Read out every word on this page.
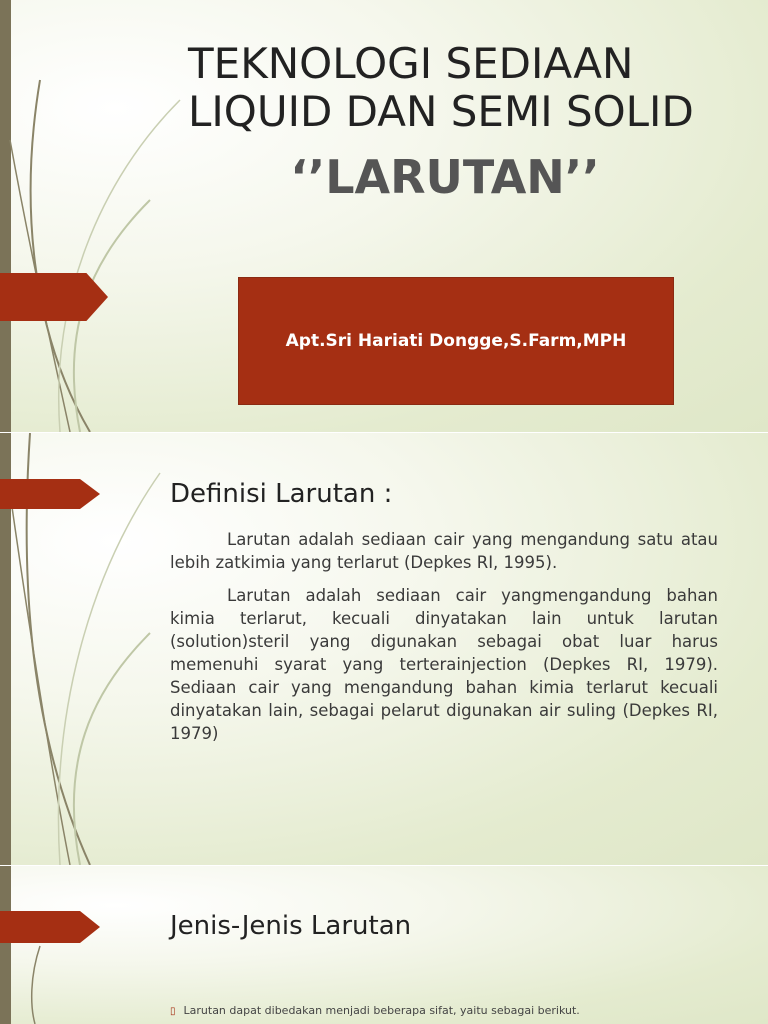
TEKNOLOGI SEDIAAN
LIQUID DAN SEMI SOLID
‘’LARUTAN’’
Apt.Sri Hariati Dongge,S.Farm,MPH
Definisi Larutan :

Larutan adalah sediaan cair yang mengandung satu atau lebih zatkimia yang terlarut (Depkes RI, 1995).

Larutan adalah sediaan cair yangmengandung bahan kimia terlarut, kecuali dinyatakan lain untuk larutan (solution)steril yang digunakan sebagai obat luar harus memenuhi syarat yang terterainjection (Depkes RI, 1979). Sediaan cair yang mengandung bahan kimia terlarut kecuali dinyatakan lain, sebagai pelarut digunakan air suling (Depkes RI, 1979)

Jenis-Jenis Larutan
▯ Larutan dapat dibedakan menjadi beberapa sifat, yaitu sebagai berikut.
